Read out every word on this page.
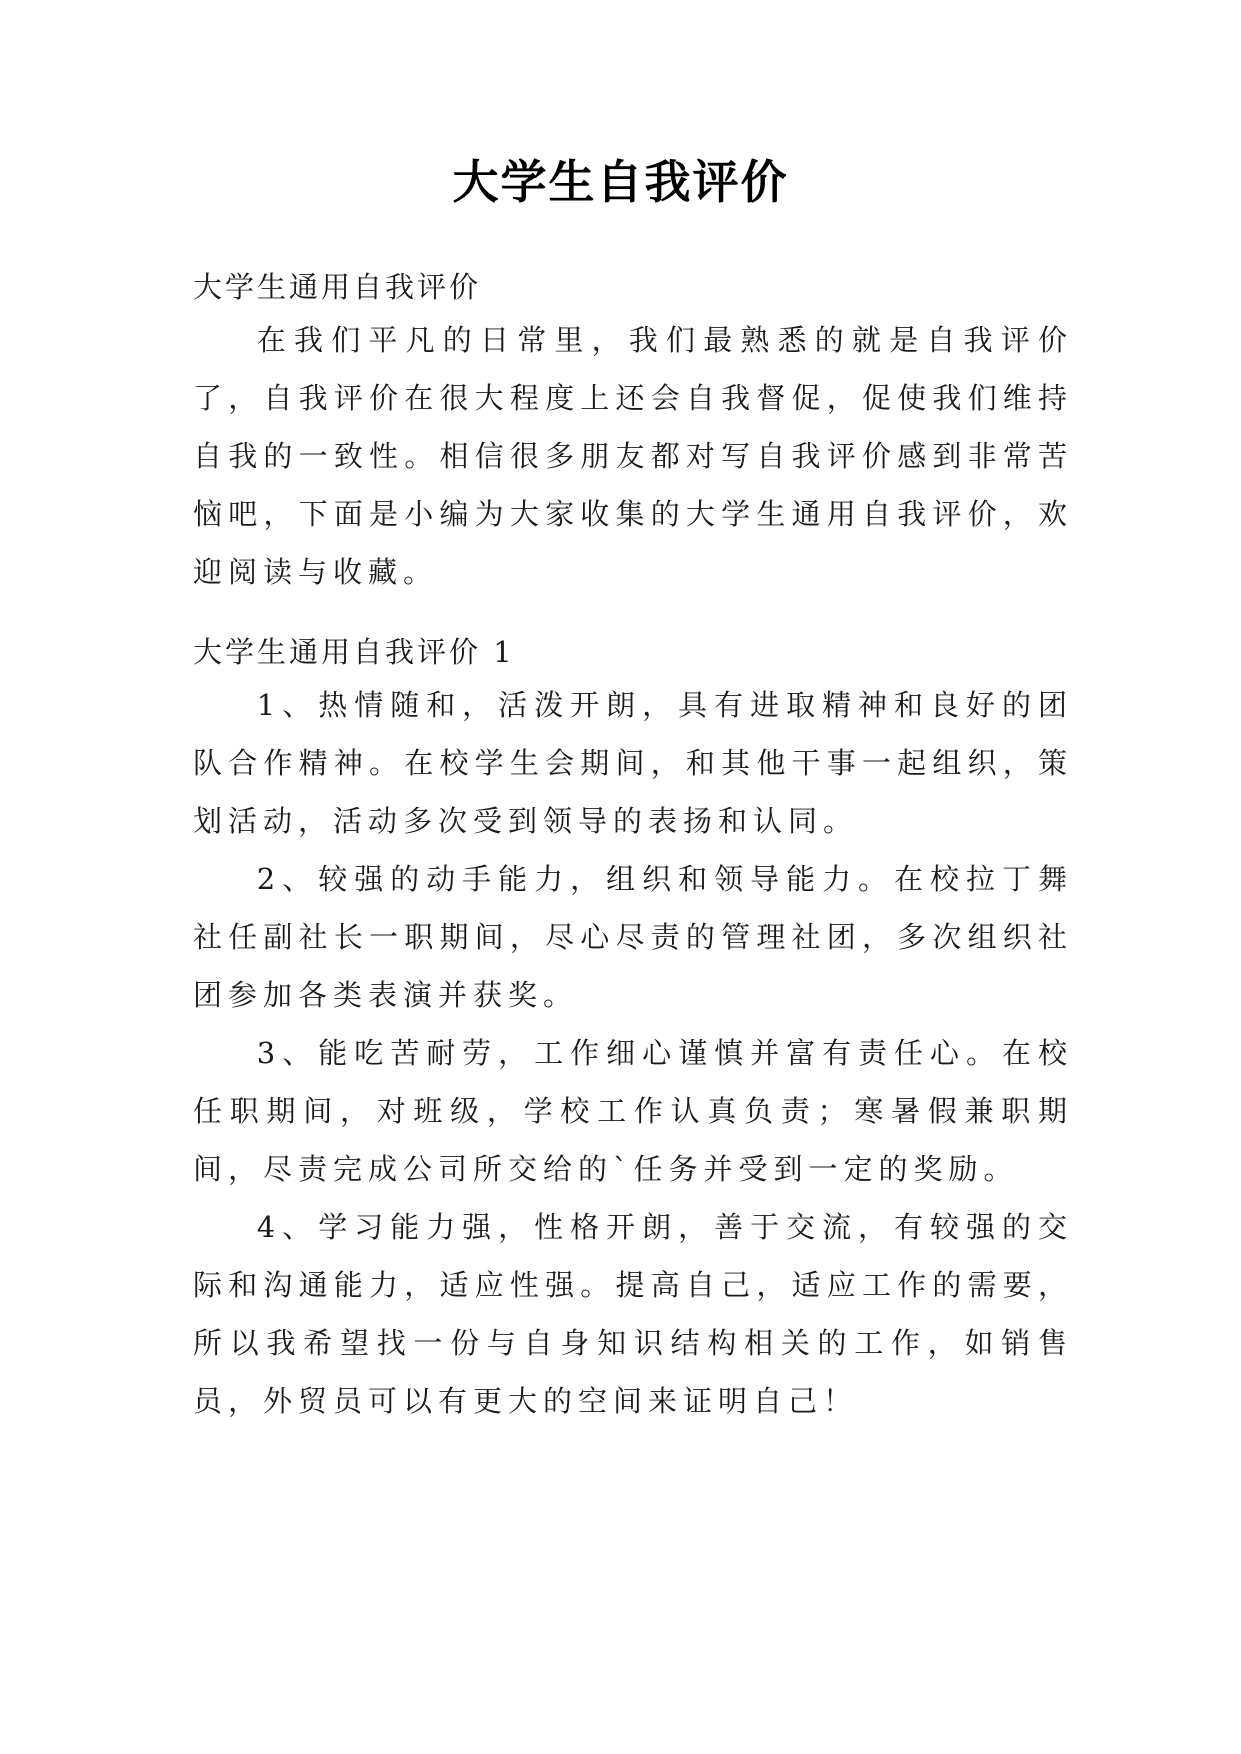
大学生自我评价
大学生通用自我评价

在我们平凡的日常里，我们最熟悉的就是自我评价了，自我评价在很大程度上还会自我督促，促使我们维持自我的一致性。相信很多朋友都对写自我评价感到非常苦恼吧，下面是小编为大家收集的大学生通用自我评价，欢迎阅读与收藏。

大学生通用自我评价 1

1、热情随和，活泼开朗，具有进取精神和良好的团队合作精神。在校学生会期间，和其他干事一起组织，策划活动，活动多次受到领导的表扬和认同。

2、较强的动手能力，组织和领导能力。在校拉丁舞社任副社长一职期间，尽心尽责的管理社团，多次组织社团参加各类表演并获奖。

3、能吃苦耐劳，工作细心谨慎并富有责任心。在校任职期间，对班级，学校工作认真负责；寒暑假兼职期间，尽责完成公司所交给的`任务并受到一定的奖励。

4、学习能力强，性格开朗，善于交流，有较强的交际和沟通能力，适应性强。提高自己，适应工作的需要，所以我希望找一份与自身知识结构相关的工作，如销售员，外贸员可以有更大的空间来证明自己！
